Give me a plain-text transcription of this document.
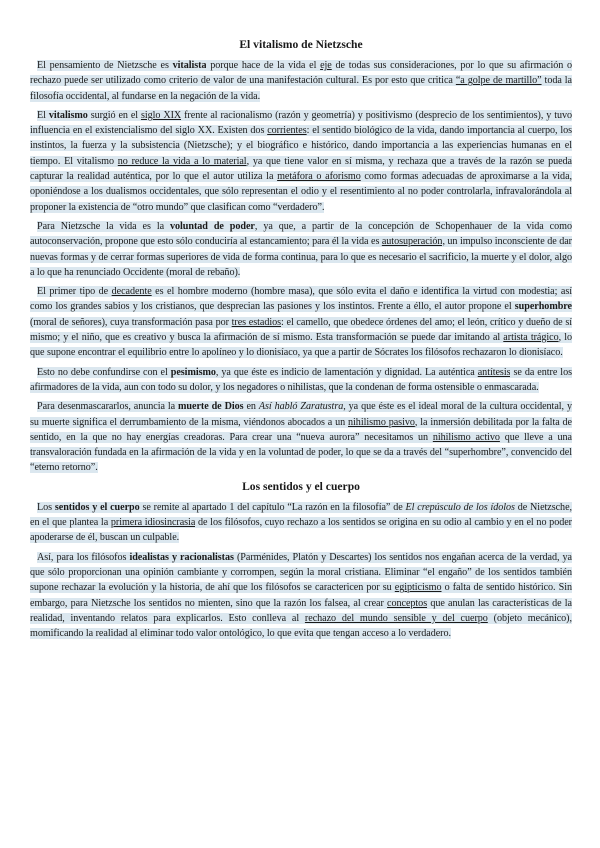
El vitalismo de Nietzsche

El pensamiento de Nietzsche es vitalista porque hace de la vida el eje de todas sus consideraciones, por lo que su afirmación o rechazo puede ser utilizado como criterio de valor de una manifestación cultural. Es por esto que critica “a golpe de martillo” toda la filosofía occidental, al fundarse en la negación de la vida.

El vitalismo surgió en el siglo XIX frente al racionalismo (razón y geometría) y positivismo (desprecio de los sentimientos), y tuvo influencia en el existencialismo del siglo XX. Existen dos corrientes: el sentido biológico de la vida, dando importancia al cuerpo, los instintos, la fuerza y la subsistencia (Nietzsche); y el biográfico e histórico, dando importancia a las experiencias humanas en el tiempo. El vitalismo no reduce la vida a lo material, ya que tiene valor en sí misma, y rechaza que a través de la razón se pueda capturar la realidad auténtica, por lo que el autor utiliza la metáfora o aforismo como formas adecuadas de aproximarse a la vida, oponiéndose a los dualismos occidentales, que sólo representan el odio y el resentimiento al no poder controlarla, infravalorándola al proponer la existencia de “otro mundo” que clasifican como “verdadero”.

Para Nietzsche la vida es la voluntad de poder, ya que, a partir de la concepción de Schopenhauer de la vida como autoconservación, propone que esto sólo conduciría al estancamiento; para él la vida es autosuperación, un impulso inconsciente de dar nuevas formas y de cerrar formas superiores de vida de forma continua, para lo que es necesario el sacrificio, la muerte y el dolor, algo a lo que ha renunciado Occidente (moral de rebaño).

El primer tipo de decadente es el hombre moderno (hombre masa), que sólo evita el daño e identifica la virtud con modestia; así como los grandes sabios y los cristianos, que desprecian las pasiones y los instintos. Frente a éllo, el autor propone el superhombre (moral de señores), cuya transformación pasa por tres estadios: el camello, que obedece órdenes del amo; el león, crítico y dueño de sí mismo; y el niño, que es creativo y busca la afirmación de sí mismo. Esta transformación se puede dar imitando al artista trágico, lo que supone encontrar el equilibrio entre lo apolíneo y lo dionisíaco, ya que a partir de Sócrates los filósofos rechazaron lo dionisíaco.

Esto no debe confundirse con el pesimismo, ya que éste es indicio de lamentación y dignidad. La auténtica antítesis se da entre los afirmadores de la vida, aun con todo su dolor, y los negadores o nihilistas, que la condenan de forma ostensible o enmascarada.

Para desenmascararlos, anuncia la muerte de Dios en Así habló Zaratustra, ya que éste es el ideal moral de la cultura occidental, y su muerte significa el derrumbamiento de la misma, viéndonos abocados a un nihilismo pasivo, la inmersión debilitada por la falta de sentido, en la que no hay energías creadoras. Para crear una “nueva aurora” necesitamos un nihilismo activo que lleve a una transvaloración fundada en la afirmación de la vida y en la voluntad de poder, lo que se da a través del “superhombre”, convencido del “eterno retorno”.

Los sentidos y el cuerpo

Los sentidos y el cuerpo se remite al apartado 1 del capítulo “La razón en la filosofía” de El crepúsculo de los ídolos de Nietzsche, en el que plantea la primera idiosincrasia de los filósofos, cuyo rechazo a los sentidos se origina en su odio al cambio y en el no poder apoderarse de él, buscan un culpable.

Así, para los filósofos idealistas y racionalistas (Parménides, Platón y Descartes) los sentidos nos engañan acerca de la verdad, ya que sólo proporcionan una opinión cambiante y corrompen, según la moral cristiana. Eliminar “el engaño” de los sentidos también supone rechazar la evolución y la historia, de ahí que los filósofos se caractericen por su egipticismo o falta de sentido histórico. Sin embargo, para Nietzsche los sentidos no mienten, sino que la razón los falsea, al crear conceptos que anulan las características de la realidad, inventando relatos para explicarlos. Esto conlleva al rechazo del mundo sensible y del cuerpo (objeto mecánico), momificando la realidad al eliminar todo valor ontológico, lo que evita que tengan acceso a lo verdadero.
